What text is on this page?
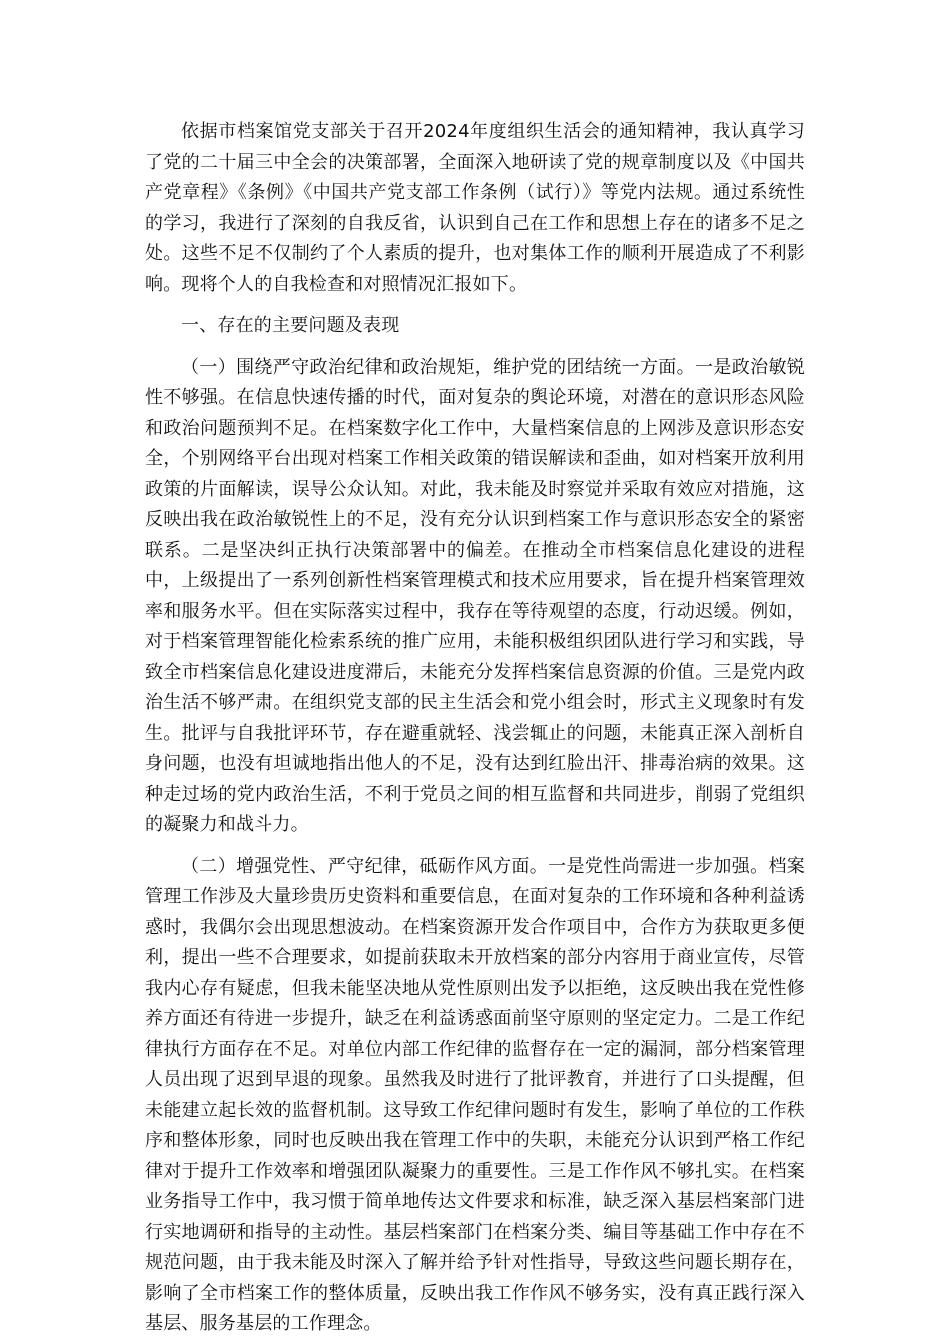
依据市档案馆党支部关于召开2024年度组织生活会的通知精神，我认真学习了党的二十届三中全会的决策部署，全面深入地研读了党的规章制度以及《中国共产党章程》《条例》《中国共产党支部工作条例（试行）》等党内法规。通过系统性的学习，我进行了深刻的自我反省，认识到自己在工作和思想上存在的诸多不足之处。这些不足不仅制约了个人素质的提升，也对集体工作的顺利开展造成了不利影响。现将个人的自我检查和对照情况汇报如下。

一、存在的主要问题及表现

（一）围绕严守政治纪律和政治规矩，维护党的团结统一方面。一是政治敏锐性不够强。在信息快速传播的时代，面对复杂的舆论环境，对潜在的意识形态风险和政治问题预判不足。在档案数字化工作中，大量档案信息的上网涉及意识形态安全，个别网络平台出现对档案工作相关政策的错误解读和歪曲，如对档案开放利用政策的片面解读，误导公众认知。对此，我未能及时察觉并采取有效应对措施，这反映出我在政治敏锐性上的不足，没有充分认识到档案工作与意识形态安全的紧密联系。二是坚决纠正执行决策部署中的偏差。在推动全市档案信息化建设的进程中，上级提出了一系列创新性档案管理模式和技术应用要求，旨在提升档案管理效率和服务水平。但在实际落实过程中，我存在等待观望的态度，行动迟缓。例如，对于档案管理智能化检索系统的推广应用，未能积极组织团队进行学习和实践，导致全市档案信息化建设进度滞后，未能充分发挥档案信息资源的价值。三是党内政治生活不够严肃。在组织党支部的民主生活会和党小组会时，形式主义现象时有发生。批评与自我批评环节，存在避重就轻、浅尝辄止的问题，未能真正深入剖析自身问题，也没有坦诚地指出他人的不足，没有达到红脸出汗、排毒治病的效果。这种走过场的党内政治生活，不利于党员之间的相互监督和共同进步，削弱了党组织的凝聚力和战斗力。

（二）增强党性、严守纪律，砥砺作风方面。一是党性尚需进一步加强。档案管理工作涉及大量珍贵历史资料和重要信息，在面对复杂的工作环境和各种利益诱惑时，我偶尔会出现思想波动。在档案资源开发合作项目中，合作方为获取更多便利，提出一些不合理要求，如提前获取未开放档案的部分内容用于商业宣传，尽管我内心存有疑虑，但我未能坚决地从党性原则出发予以拒绝，这反映出我在党性修养方面还有待进一步提升，缺乏在利益诱惑面前坚守原则的坚定定力。二是工作纪律执行方面存在不足。对单位内部工作纪律的监督存在一定的漏洞，部分档案管理人员出现了迟到早退的现象。虽然我及时进行了批评教育，并进行了口头提醒，但未能建立起长效的监督机制。这导致工作纪律问题时有发生，影响了单位的工作秩序和整体形象，同时也反映出我在管理工作中的失职，未能充分认识到严格工作纪律对于提升工作效率和增强团队凝聚力的重要性。三是工作作风不够扎实。在档案业务指导工作中，我习惯于简单地传达文件要求和标准，缺乏深入基层档案部门进行实地调研和指导的主动性。基层档案部门在档案分类、编目等基础工作中存在不规范问题，由于我未能及时深入了解并给予针对性指导，导致这些问题长期存在，影响了全市档案工作的整体质量，反映出我工作作风不够务实，没有真正践行深入基层、服务基层的工作理念。
